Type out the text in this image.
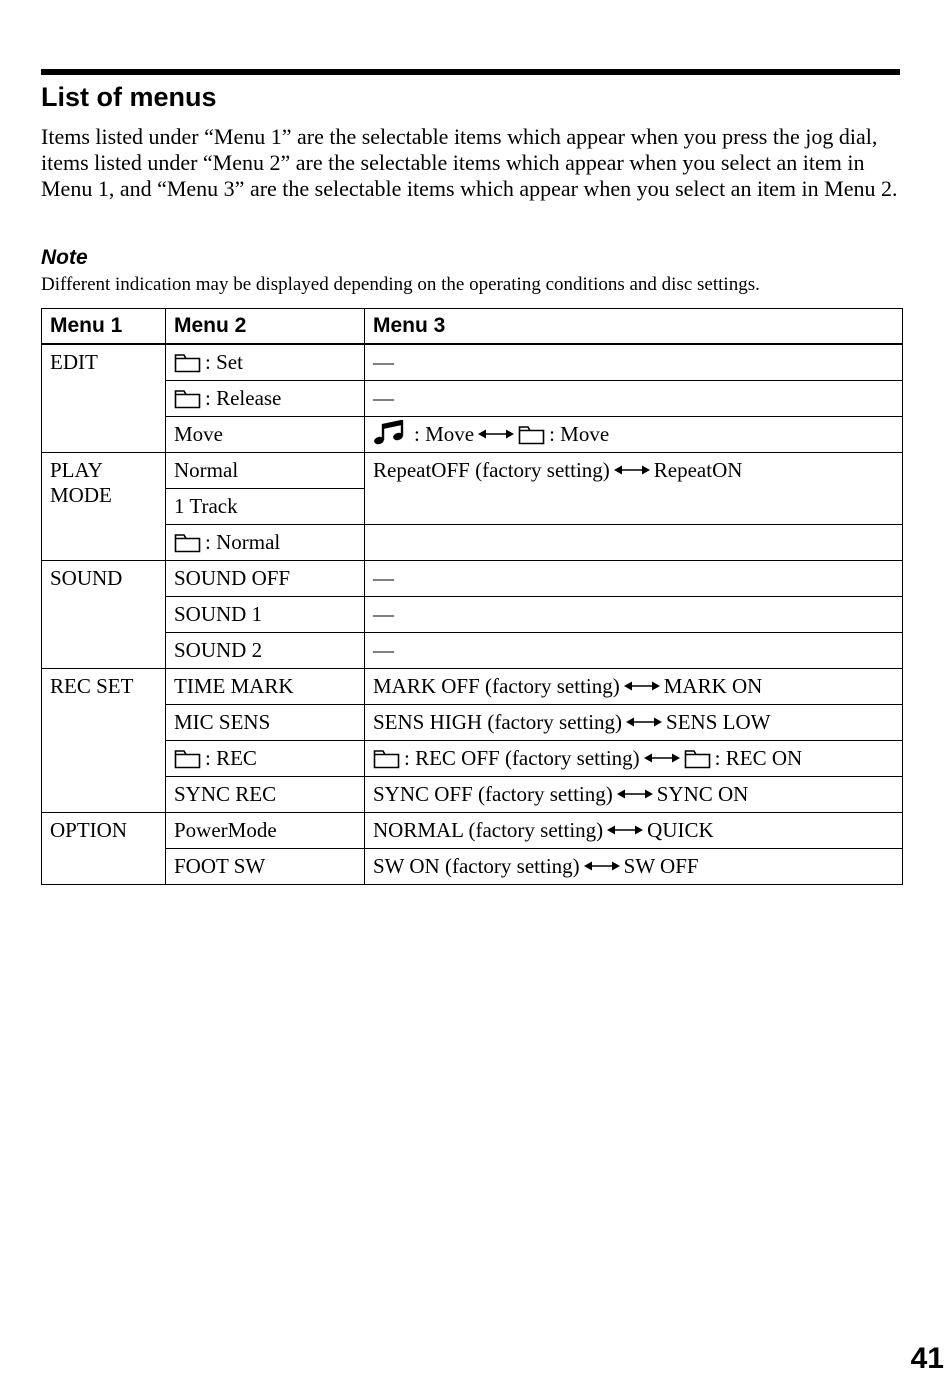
List of menus

Items listed under “Menu 1” are the selectable items which appear when you press the jog dial, items listed under “Menu 2” are the selectable items which appear when you select an item in Menu 1, and “Menu 3” are the selectable items which appear when you select an item in Menu 2.

Note

Different indication may be displayed depending on the operating conditions and disc settings.

Menu 1	Menu 2	Menu 3
EDIT	: Set	—
	: Release	—
	Move	: Move : Move
PLAY MODE	Normal	RepeatOFF (factory setting) RepeatON
	1 Track	
	: Normal	
SOUND	SOUND OFF	—
	SOUND 1	—
	SOUND 2	—
REC SET	TIME MARK	MARK OFF (factory setting) MARK ON
	MIC SENS	SENS HIGH (factory setting) SENS LOW
	: REC	: REC OFF (factory setting) : REC ON
	SYNC REC	SYNC OFF (factory setting) SYNC ON
OPTION	PowerMode	NORMAL (factory setting) QUICK
	FOOT SW	SW ON (factory setting) SW OFF

41
